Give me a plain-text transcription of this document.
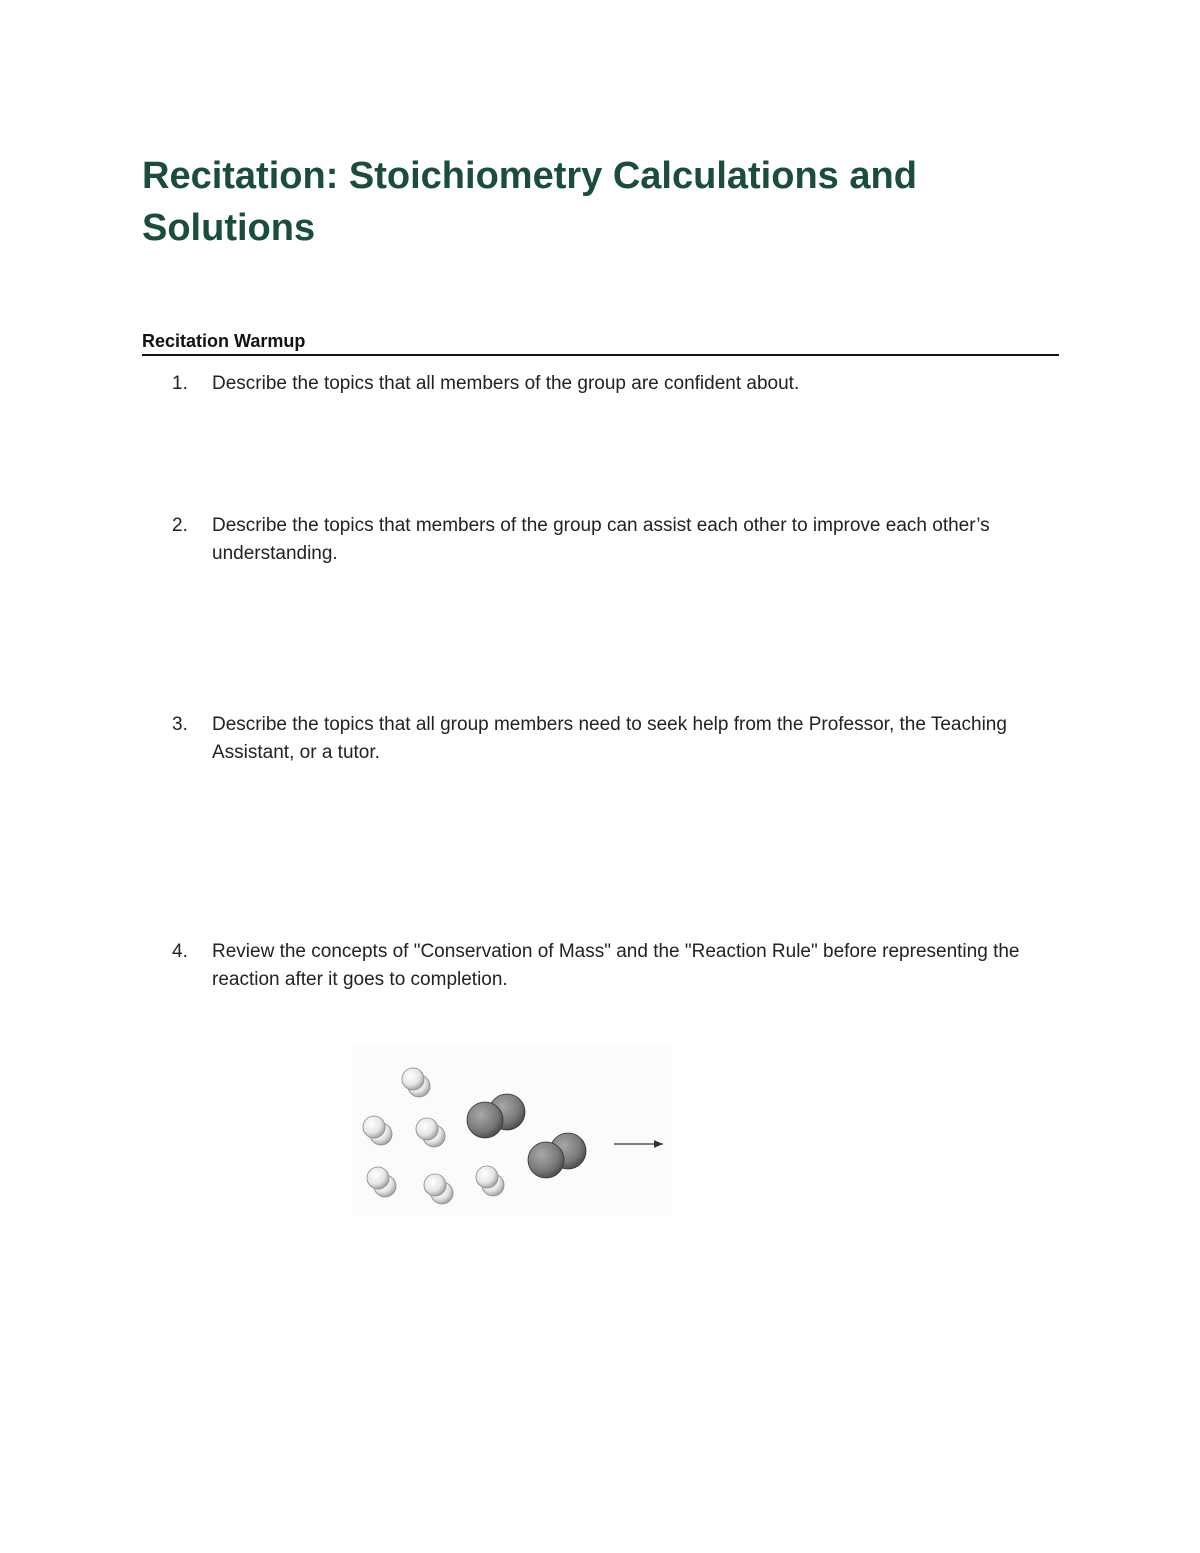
Recitation: Stoichiometry Calculations and Solutions
Recitation Warmup
1.	Describe the topics that all members of the group are confident about.
2.	Describe the topics that members of the group can assist each other to improve each other’s understanding.
3.	Describe the topics that all group members need to seek help from the Professor, the Teaching Assistant, or a tutor.
4.	Review the concepts of "Conservation of Mass" and the "Reaction Rule" before representing the reaction after it goes to completion.
